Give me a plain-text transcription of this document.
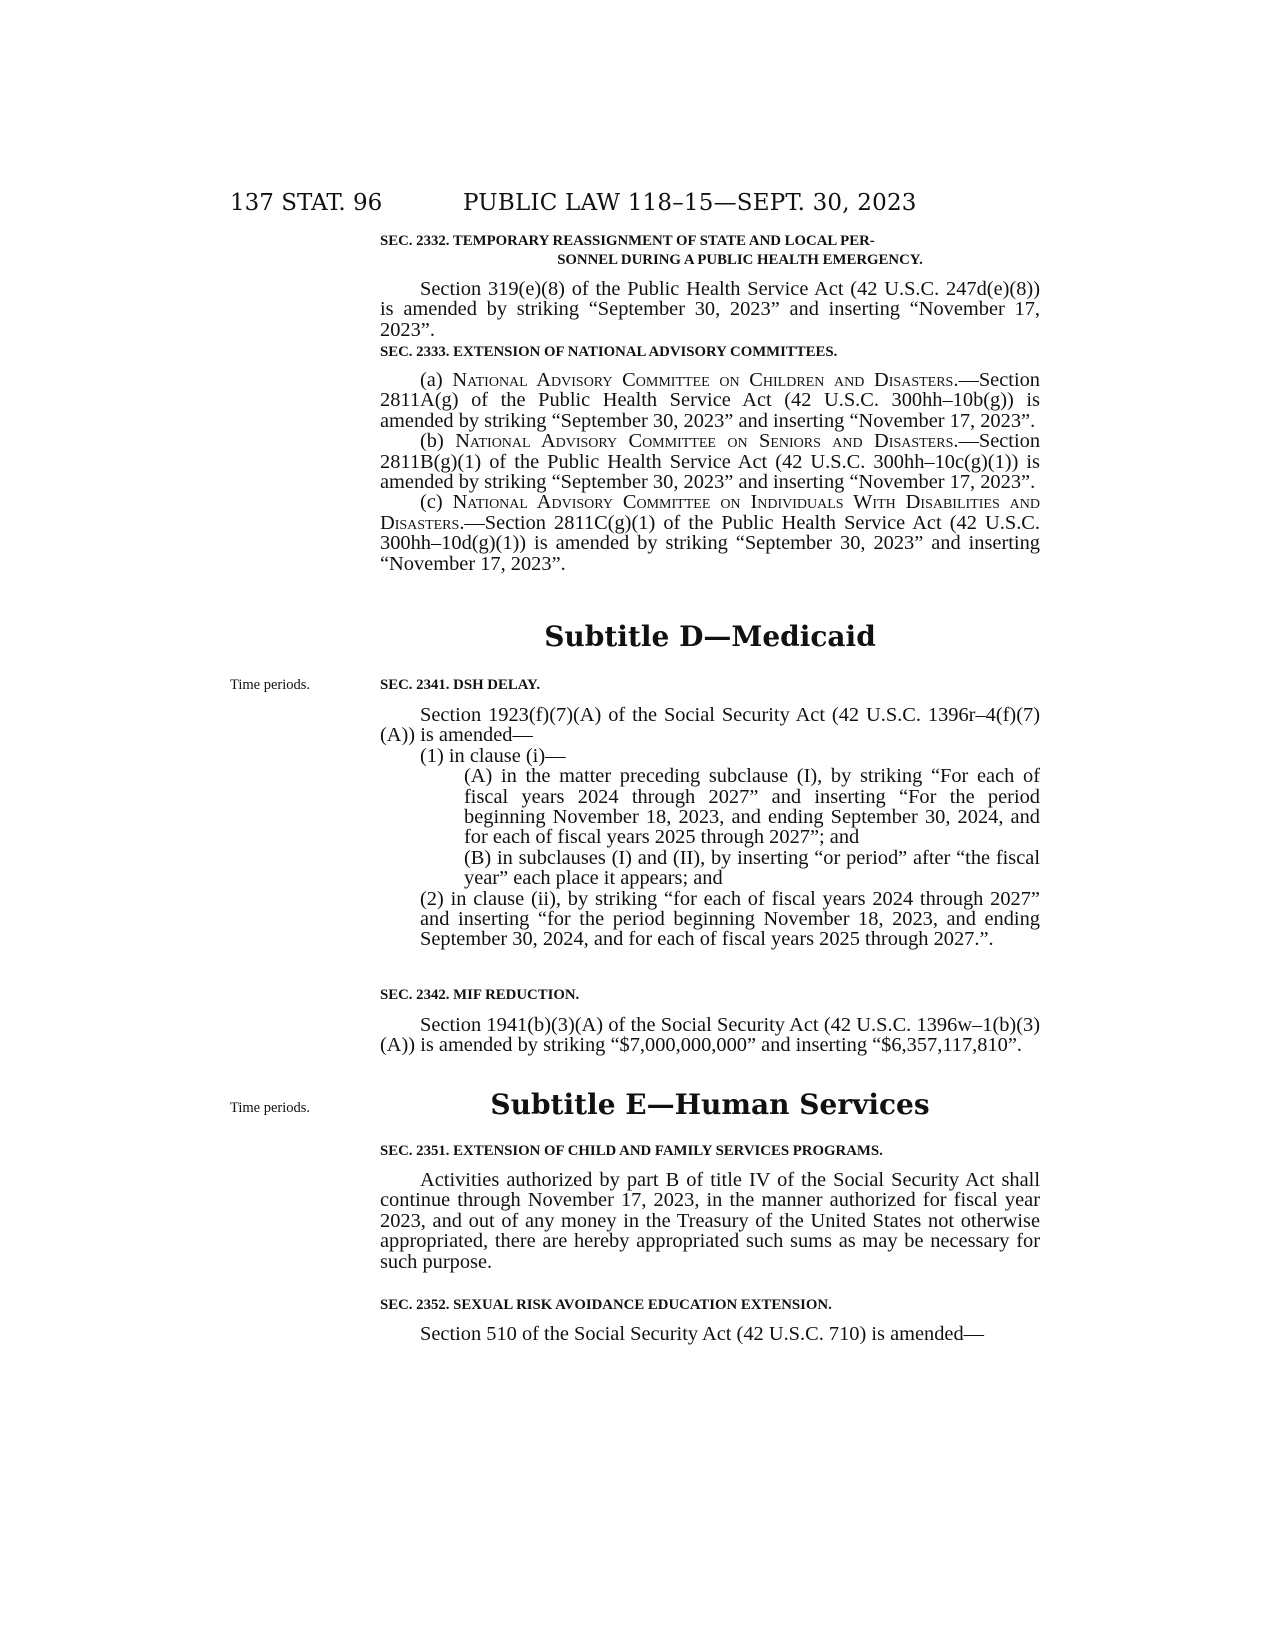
137 STAT. 96	PUBLIC LAW 118–15—SEPT. 30, 2023
SEC. 2332. TEMPORARY REASSIGNMENT OF STATE AND LOCAL PER-
SONNEL DURING A PUBLIC HEALTH EMERGENCY.

Section 319(e)(8) of the Public Health Service Act (42 U.S.C. 247d(e)(8)) is amended by striking “September 30, 2023” and inserting “November 17, 2023”.

SEC. 2333. EXTENSION OF NATIONAL ADVISORY COMMITTEES.

(a) National Advisory Committee on Children and Disasters.—Section 2811A(g) of the Public Health Service Act (42 U.S.C. 300hh–10b(g)) is amended by striking “September 30, 2023” and inserting “November 17, 2023”.

(b) National Advisory Committee on Seniors and Disasters.—Section 2811B(g)(1) of the Public Health Service Act (42 U.S.C. 300hh–10c(g)(1)) is amended by striking “September 30, 2023” and inserting “November 17, 2023”.

(c) National Advisory Committee on Individuals With Disabilities and Disasters.—Section 2811C(g)(1) of the Public Health Service Act (42 U.S.C. 300hh–10d(g)(1)) is amended by striking “September 30, 2023” and inserting “November 17, 2023”.

Subtitle D—Medicaid
Time periods.	SEC. 2341. DSH DELAY.

Section 1923(f)(7)(A) of the Social Security Act (42 U.S.C. 1396r–4(f)(7)(A)) is amended—

(1) in clause (i)—

(A) in the matter preceding subclause (I), by striking “For each of fiscal years 2024 through 2027” and inserting “For the period beginning November 18, 2023, and ending September 30, 2024, and for each of fiscal years 2025 through 2027”; and

(B) in subclauses (I) and (II), by inserting “or period” after “the fiscal year” each place it appears; and

(2) in clause (ii), by striking “for each of fiscal years 2024 through 2027” and inserting “for the period beginning November 18, 2023, and ending September 30, 2024, and for each of fiscal years 2025 through 2027.”.

SEC. 2342. MIF REDUCTION.

Section 1941(b)(3)(A) of the Social Security Act (42 U.S.C. 1396w–1(b)(3)(A)) is amended by striking “$7,000,000,000” and inserting “$6,357,117,810”.

Subtitle E—Human Services
Time periods.
SEC. 2351. EXTENSION OF CHILD AND FAMILY SERVICES PROGRAMS.

Activities authorized by part B of title IV of the Social Security Act shall continue through November 17, 2023, in the manner authorized for fiscal year 2023, and out of any money in the Treasury of the United States not otherwise appropriated, there are hereby appropriated such sums as may be necessary for such purpose.

SEC. 2352. SEXUAL RISK AVOIDANCE EDUCATION EXTENSION.

Section 510 of the Social Security Act (42 U.S.C. 710) is amended—
